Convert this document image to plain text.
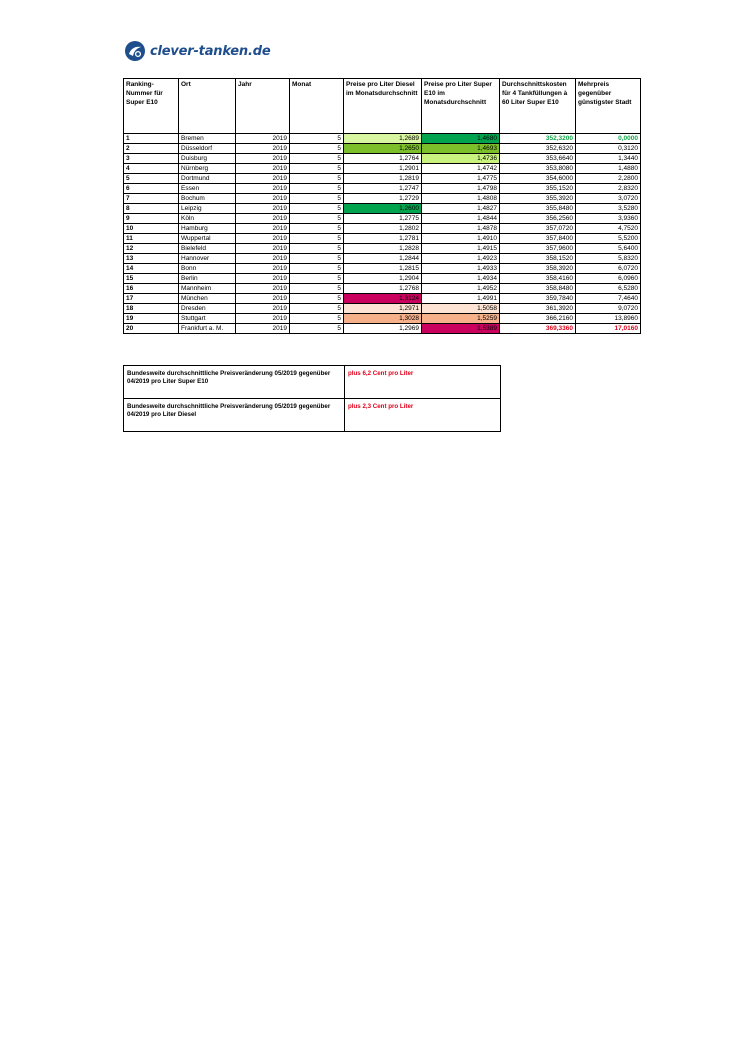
clever-tanken.de
Ranking-Nummer für Super E10	Ort	Jahr	Monat	Preise pro Liter Diesel im Monatsdurchschnitt	Preise pro Liter Super E10 im Monatsdurchschnitt	Durchschnittskosten für 4 Tankfüllungen à 60 Liter Super E10	Mehrpreis gegenüber günstigster Stadt

1	Bremen	2019	5	1,2689	1,4680	352,3200	0,0000
2	Düsseldorf	2019	5	1,2650	1,4693	352,6320	0,3120
3	Duisburg	2019	5	1,2764	1,4736	353,6640	1,3440
4	Nürnberg	2019	5	1,2901	1,4742	353,8080	1,4880
5	Dortmund	2019	5	1,2819	1,4775	354,6000	2,2800
6	Essen	2019	5	1,2747	1,4798	355,1520	2,8320
7	Bochum	2019	5	1,2729	1,4808	355,3920	3,0720
8	Leipzig	2019	5	1,2600	1,4827	355,8480	3,5280
9	Köln	2019	5	1,2775	1,4844	356,2560	3,9360
10	Hamburg	2019	5	1,2802	1,4878	357,0720	4,7520
11	Wuppertal	2019	5	1,2781	1,4910	357,8400	5,5200
12	Bielefeld	2019	5	1,2828	1,4915	357,9600	5,6400
13	Hannover	2019	5	1,2844	1,4923	358,1520	5,8320
14	Bonn	2019	5	1,2815	1,4933	358,3920	6,0720
15	Berlin	2019	5	1,2904	1,4934	358,4160	6,0960
16	Mannheim	2019	5	1,2768	1,4952	358,8480	6,5280
17	München	2019	5	1,3124	1,4991	359,7840	7,4640
18	Dresden	2019	5	1,2971	1,5058	361,3920	9,0720
19	Stuttgart	2019	5	1,3028	1,5259	366,2160	13,8960
20	Frankfurt a. M.	2019	5	1,2969	1,5389	369,3360	17,0160
Bundesweite durchschnittliche Preisveränderung 05/2019 gegenüber 04/2019 pro Liter Super E10	plus 6,2 Cent pro Liter
Bundesweite durchschnittliche Preisveränderung 05/2019 gegenüber 04/2019 pro Liter Diesel	plus 2,3 Cent pro Liter
